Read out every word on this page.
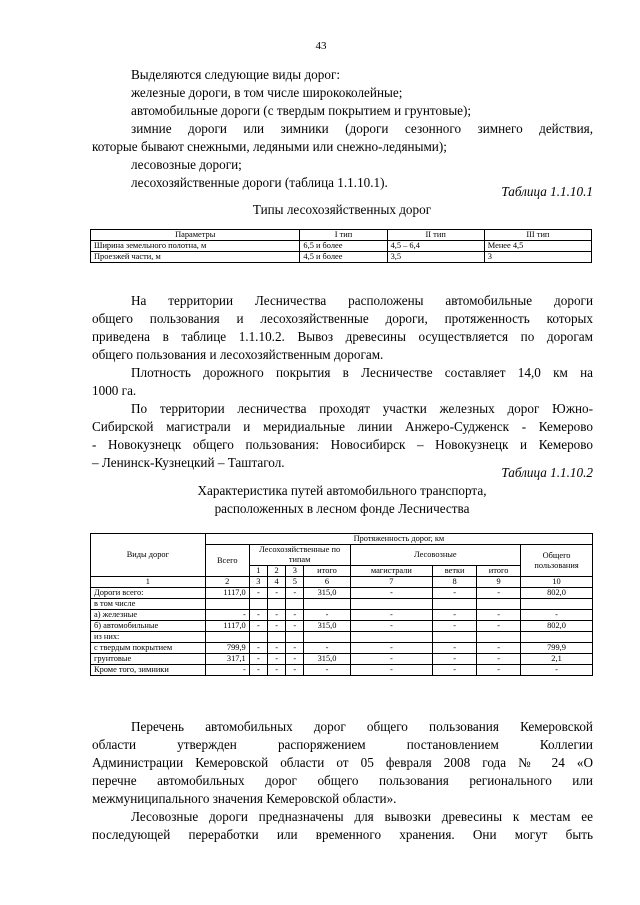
43
Выделяются следующие виды дорог:
железные дороги, в том числе ширококолейные;
автомобильные дороги (с твердым покрытием и грунтовые);
зимние дороги или зимники (дороги сезонного зимнего действия,
которые бывают снежными, ледяными или снежно-ледяными);
лесовозные дороги;
лесохозяйственные дороги (таблица 1.1.10.1).
Таблица 1.1.10.1
Типы лесохозяйственных дорог
Параметры	I тип	II тип	III тип
Ширина земельного полотна, м	6,5 и более	4,5 – 6,4	Менее 4,5
Проезжей части, м	4,5 и более	3,5	3
На территории Лесничества расположены автомобильные дороги
общего пользования и лесохозяйственные дороги, протяженность которых
приведена в таблице 1.1.10.2. Вывоз древесины осуществляется по дорогам
общего пользования и лесохозяйственным дорогам.
Плотность дорожного покрытия в Лесничестве составляет 14,0 км на
1000 га.
По территории лесничества проходят участки железных дорог Южно-
Сибирской магистрали и меридиальные линии Анжеро-Судженск - Кемерово
- Новокузнецк общего пользования: Новосибирск – Новокузнецк и Кемерово
– Ленинск-Кузнецкий – Таштагол.
Таблица 1.1.10.2
Характеристика путей автомобильного транспорта,
расположенных в лесном фонде Лесничества
Виды дорог	Протяженность дорог, км								
	Всего	Лесохозяйственные по типам				Лесовозные			Общего пользования
		1	2	3	итого	магистрали	ветки	итого	
1	2	3	4	5	6	7	8	9	10
Дороги всего:	1117,0	-	-	-	315,0	-	-	-	802,0
в том числе									
а) железные	-	-	-	-	-	-	-	-	-
б) автомобильные	1117,0	-	-	-	315,0	-	-	-	802,0
из них:									
с твердым покрытием	799,9	-	-	-	-	-	-	-	799,9
грунтовые	317,1	-	-	-	315,0	-	-	-	2,1
Кроме того, зимники	-	-	-	-	-	-	-	-	-
Перечень автомобильных дорог общего пользования Кемеровской
области утвержден распоряжением постановлением Коллегии
Администрации Кемеровской области от 05 февраля 2008 года № 24 «О
перечне автомобильных дорог общего пользования регионального или
межмуниципального значения Кемеровской области».
Лесовозные дороги предназначены для вывозки древесины к местам ее
последующей переработки или временного хранения. Они могут быть
